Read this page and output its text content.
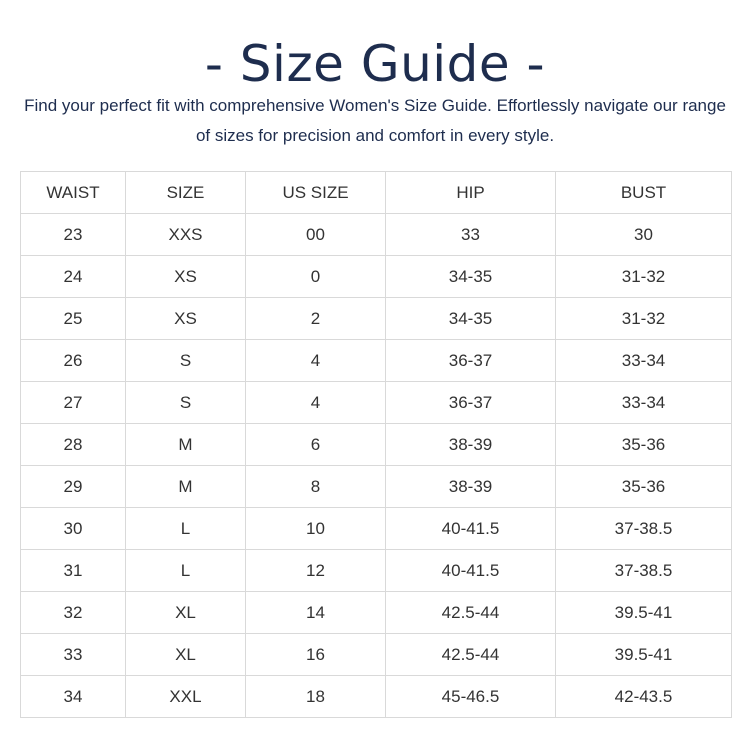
- Size Guide -

Find your perfect fit with comprehensive Women's Size Guide. Effortlessly navigate our range of sizes for precision and comfort in every style.

WAIST	SIZE	US SIZE	HIP	BUST
23	XXS	00	33	30
24	XS	0	34-35	31-32
25	XS	2	34-35	31-32
26	S	4	36-37	33-34
27	S	4	36-37	33-34
28	M	6	38-39	35-36
29	M	8	38-39	35-36
30	L	10	40-41.5	37-38.5
31	L	12	40-41.5	37-38.5
32	XL	14	42.5-44	39.5-41
33	XL	16	42.5-44	39.5-41
34	XXL	18	45-46.5	42-43.5
